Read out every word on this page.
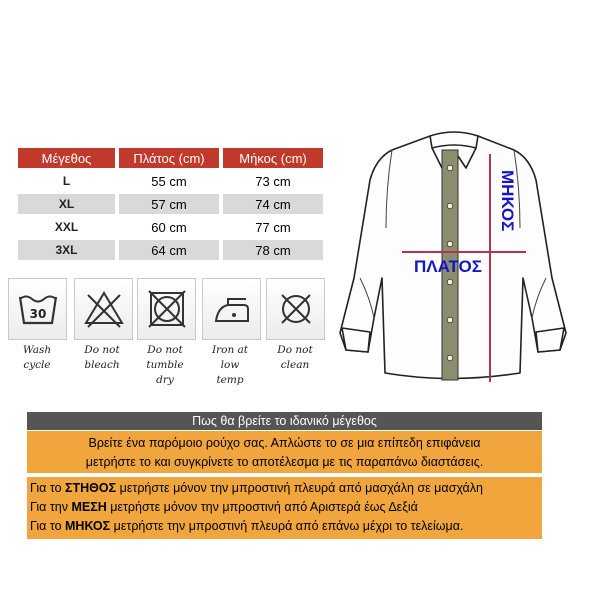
Μέγεθος	Πλάτος (cm)	Μήκος (cm)
L	55 cm	73 cm
XL	57 cm	74 cm
XXL	60 cm	77 cm
3XL	64 cm	78 cm
30
Wash
cycle
Do not
bleach
Do not
tumble
dry
Iron at
low
temp
Do not
clean
ΠΛΑΤΟΣ
ΜΗΚΟΣ
Πως θα βρείτε το ιδανικό μέγεθος
Βρείτε ένα παρόμοιο ρούχο σας. Απλώστε το σε μια επίπεδη επιφάνεια
μετρήστε το και συγκρίνετε το αποτέλεσμα με τις παραπάνω διαστάσεις.
Για το ΣΤΗΘΟΣ μετρήστε μόνον την μπροστινή πλευρά από μασχάλη σε μασχάλη
Για την ΜΕΣΗ μετρήστε μόνον την μπροστινή από Αριστερά έως Δεξιά
Για το ΜΗΚΟΣ μετρήστε την μπροστινή πλευρά από επάνω μέχρι το τελείωμα.
